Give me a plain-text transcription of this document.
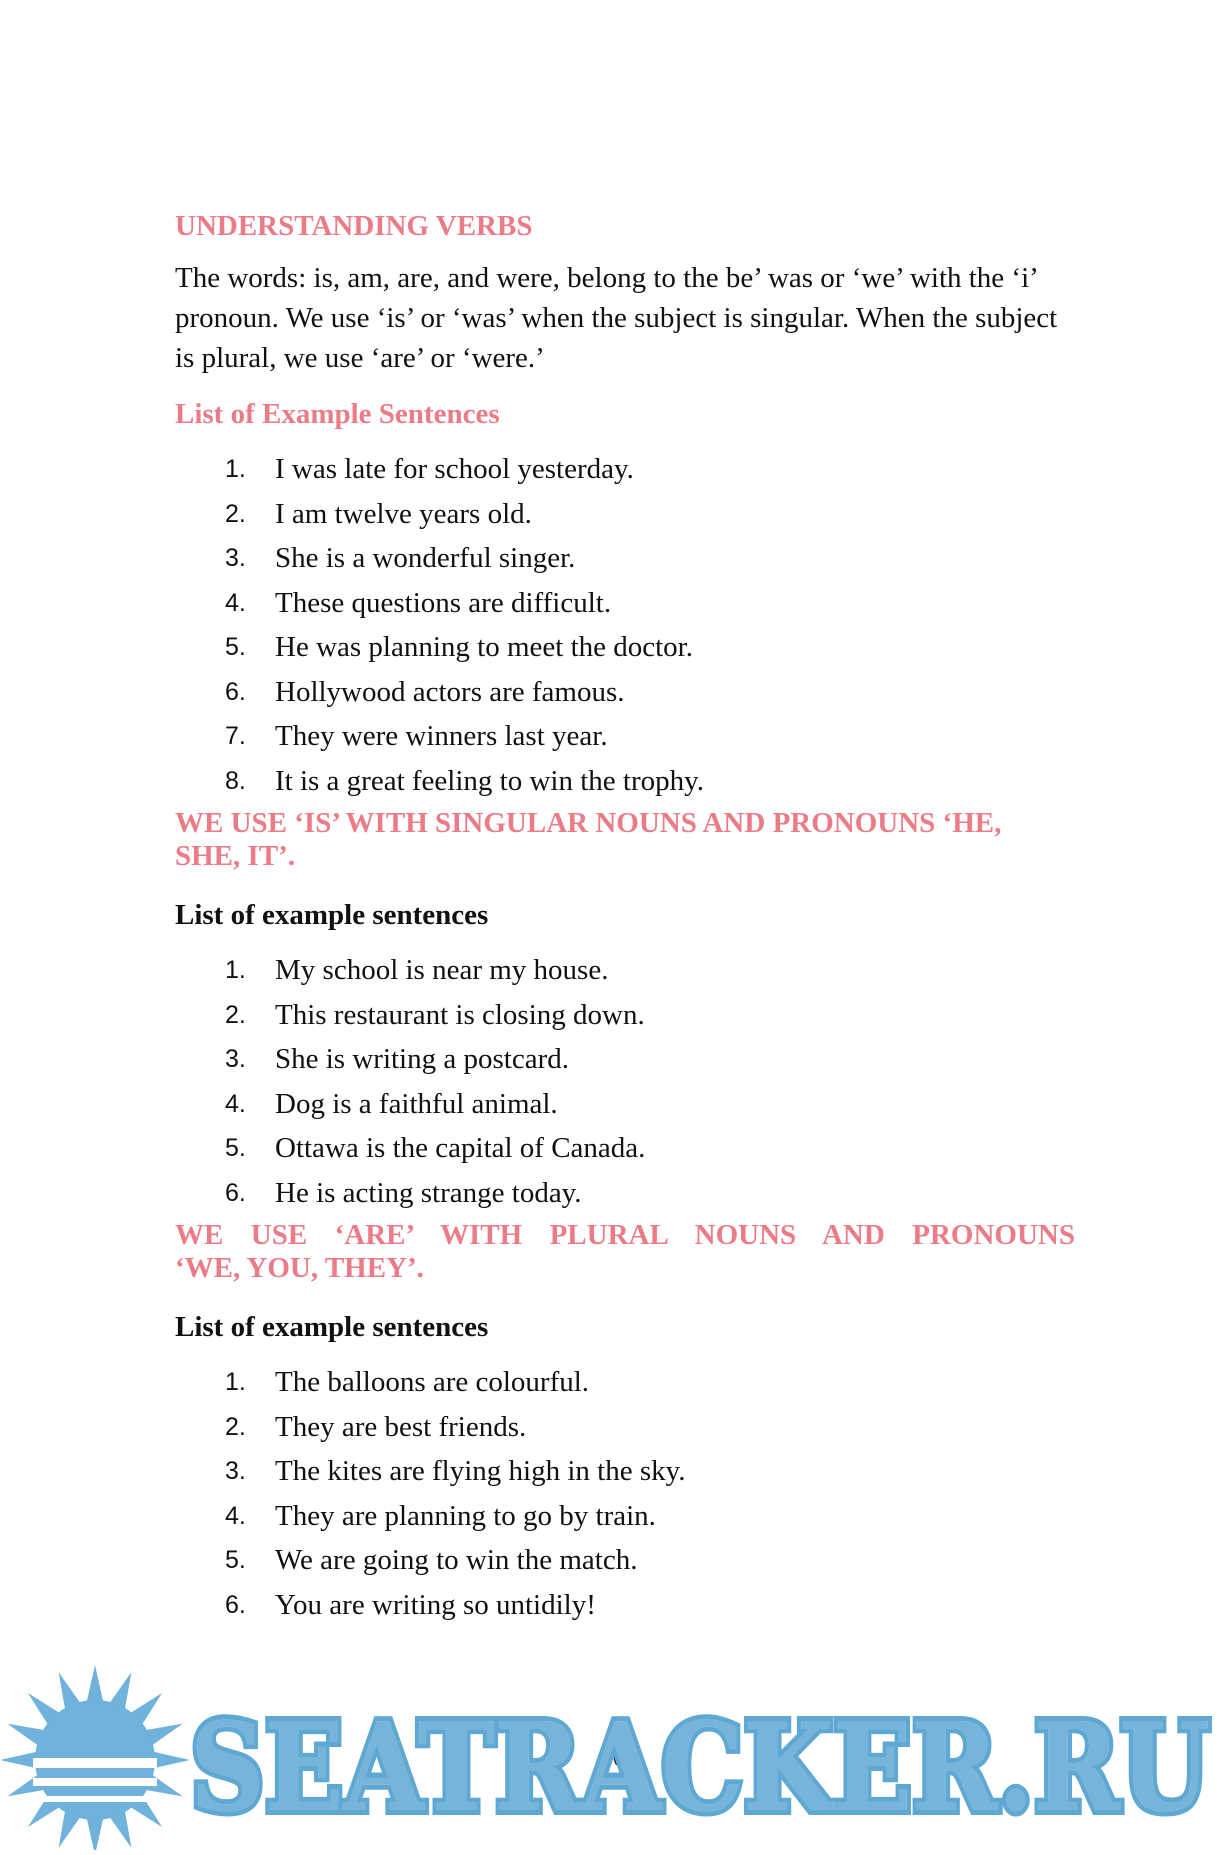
UNDERSTANDING VERBS

The words: is, am, are, and were, belong to the be’ was or ‘we’ with the ‘i’ pronoun. We use ‘is’ or ‘was’ when the subject is singular. When the subject is plural, we use ‘are’ or ‘were.’

List of Example Sentences
1.	I was late for school yesterday.
2.	I am twelve years old.
3.	She is a wonderful singer.
4.	These questions are difficult.
5.	He was planning to meet the doctor.
6.	Hollywood actors are famous.
7.	They were winners last year.
8.	It is a great feeling to win the trophy.
WE USE ‘IS’ WITH SINGULAR NOUNS AND PRONOUNS ‘HE,
SHE, IT’.
List of example sentences
1.	My school is near my house.
2.	This restaurant is closing down.
3.	She is writing a postcard.
4.	Dog is a faithful animal.
5.	Ottawa is the capital of Canada.
6.	He is acting strange today.
WE USE ‘ARE’ WITH PLURAL NOUNS AND PRONOUNS
‘WE, YOU, THEY’.
List of example sentences
1.	The balloons are colourful.
2.	They are best friends.
3.	The kites are flying high in the sky.
4.	They are planning to go by train.
5.	We are going to win the match.
6.	You are writing so untidily!
10
SEATRACKER.RU
SEATRACKER.RU
